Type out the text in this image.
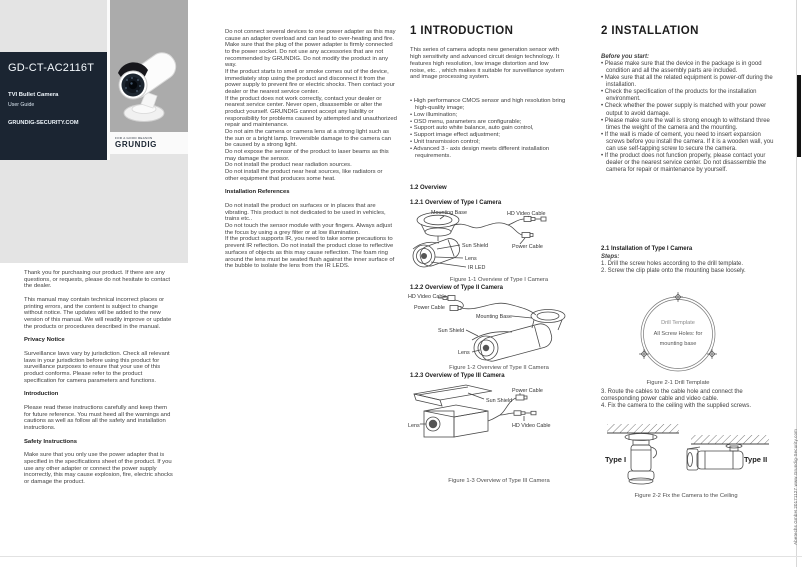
GD-CT-AC2116T
TVI Bullet Camera
User Guide
GRUNDIG-SECURITY.COM
FOR A GOOD REASON
GRUNDIG

Thank you for purchasing our product. If there are any questions, or requests, please do not hesitate to contact the dealer.

This manual may contain technical incorrect places or printing errors, and the content is subject to change without notice. The updates will be added to the new version of this manual. We will readily improve or update the products or procedures described in the manual.

Privacy Notice

Surveillance laws vary by jurisdiction. Check all relevant laws in your jurisdiction before using this product for surveillance purposes to ensure that your use of this product conforms. Please refer to the product specification for camera parameters and functions.

Introduction

Please read these instructions carefully and keep them for future reference. You must heed all the warnings and cautions as well as follow all the safety and installation instructions.

Safety Instructions

Make sure that you only use the power adapter that is specified in the specifications sheet of the product. If you use any other adapter or connect the power supply incorrectly, this may cause explosion, fire, electric shocks or damage the product.

Do not connect several devices to one power adapter as this may cause an adapter overload and can lead to over-heating and fire. Make sure that the plug of the power adapter is firmly connected to the power socket. Do not use any accessories that are not recommended by GRUNDIG. Do not modify the product in any way.

If the product starts to smell or smoke comes out of the device, immediately stop using the product and disconnect it from the power supply to prevent fire or electric shocks. Then contact your dealer or the nearest service center.

If the product does not work correctly, contact your dealer or nearest service center. Never open, disassemble or alter the product yourself. GRUNDIG cannot accept any liability or responsibility for problems caused by attempted and unauthorized repair and maintenance.

Do not aim the camera or camera lens at a strong light such as the sun or a bright lamp. Irreversible damage to the camera can be caused by a strong light.

Do not expose the sensor of the product to laser beams as this may damage the sensor.

Do not install the product near radiation sources.

Do not install the product near heat sources, like radiators or other equipment that produces some heat.

Installation References

Do not install the product on surfaces or in places that are vibrating. This product is not dedicated to be used in vehicles, trains etc..

Do not touch the sensor module with your fingers. Always adjust the focus by using a grey filter or at low illumination.

If the product supports IR, you need to take some precautions to prevent IR reflection. Do not install the product close to reflective surfaces of objects as this may cause reflection. The foam ring around the lens must be seated flush against the inner surface of the bubble to isolate the lens from the IR LEDS.

1 INTRODUCTION
This series of camera adopts new generation sensor with high sensitivity and advanced circuit design technology. It features high resolution, low image distortion and low noise, etc. , which makes it suitable for surveillance system and image processing system.
• High performance CMOS sensor and high resolution bring high-quality image;
• Low illumination;
• OSD menu, parameters are configurable;
• Support auto white balance, auto gain control,
• Support image effect adjustment;
• Unit transmission control;
• Advanced 3 - axis design meets different installation requirements.
1.2 Overview
1.2.1 Overview of Type I Camera
Mounting Base	HD Video Cable
Power Cable
Sun Shield
Lens
IR LED
Figure 1-1 Overview of Type I Camera
1.2.2 Overview of Type II Camera
HD Video Cable
Power Cable
Mounting Base
Sun Shield
Lens
Figure 1-2 Overview of Type II Camera
1.2.3 Overview of Type III Camera
Sun Shield
Power Cable
Lens	HD Video Cable
Figure 1-3 Overview of Type III Camera
2 INSTALLATION
Before you start:
• Please make sure that the device in the package is in good condition and all the assembly parts are included.
• Make sure that all the related equipment is power-off during the installation.
• Check the specification of the products for the installation environment.
• Check whether the power supply is matched with your power output to avoid damage.
• Please make sure the wall is strong enough to withstand three times the weight of the camera and the mounting.
• If the wall is made of cement, you need to insert expansion screws before you install the camera. If it is a wooden wall, you can use self-tapping screw to secure the camera.
• If the product does not function properly, please contact your dealer or the nearest service center. Do not disassemble the camera for repair or maintenance by yourself.
2.1 Installation of Type I Camera
Steps:
1. Drill the screw holes according to the drill template.
2. Screw the clip plate onto the mounting base loosely.
Drill Template
All Screw Holes: for
mounting base
Figure 2-1 Drill Template
3. Route the cables to the cable hole and connect the corresponding power cable and video cable.
4. Fix the camera to the ceiling with the supplied screws.
Type I	Type II
Figure 2-2 Fix the Camera to the Ceiling	Abetechs GmbH 20171127 www.Grundig-Security.com
